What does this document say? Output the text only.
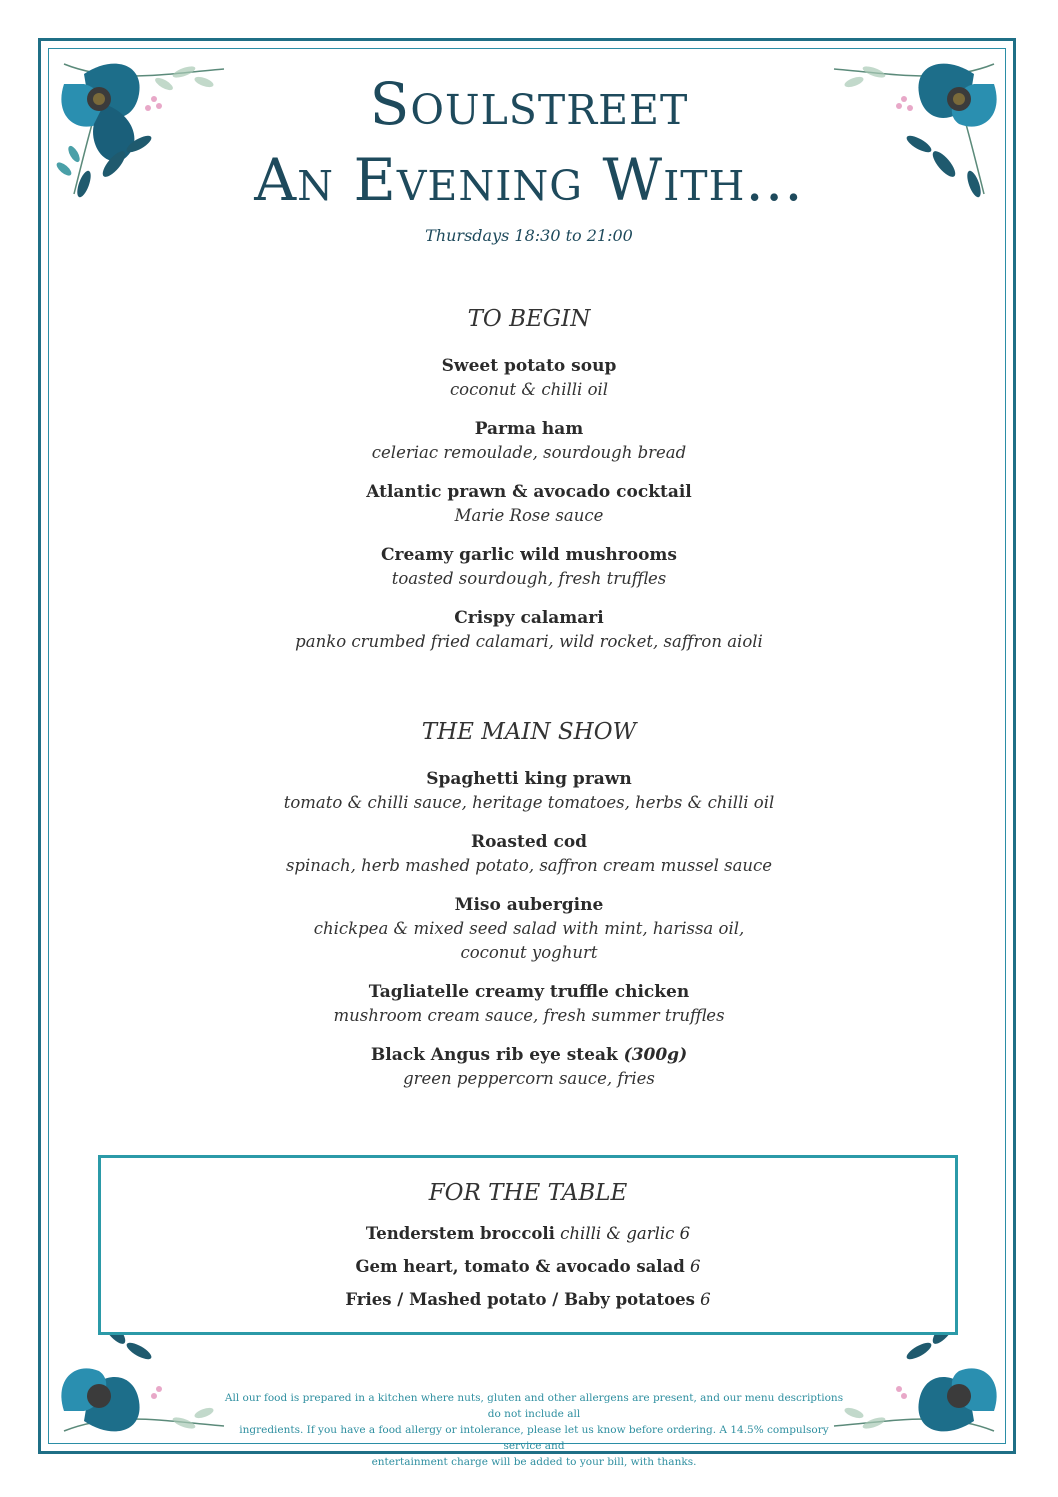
Soulstreet
An Evening With...
Thursdays 18:30 to 21:00
TO BEGIN
Sweet potato soup
coconut & chilli oil
Parma ham
celeriac remoulade, sourdough bread
Atlantic prawn & avocado cocktail
Marie Rose sauce
Creamy garlic wild mushrooms
toasted sourdough, fresh truffles
Crispy calamari
panko crumbed fried calamari, wild rocket, saffron aioli
THE MAIN SHOW
Spaghetti king prawn
tomato & chilli sauce, heritage tomatoes, herbs & chilli oil
Roasted cod
spinach, herb mashed potato, saffron cream mussel sauce
Miso aubergine
chickpea & mixed seed salad with mint, harissa oil,
coconut yoghurt
Tagliatelle creamy truffle chicken
mushroom cream sauce, fresh summer truffles
Black Angus rib eye steak (300g)
green peppercorn sauce, fries
FOR THE TABLE
Tenderstem broccoli chilli & garlic 6
Gem heart, tomato & avocado salad 6
Fries / Mashed potato / Baby potatoes 6
All our food is prepared in a kitchen where nuts, gluten and other allergens are present, and our menu descriptions do not include all
ingredients. If you have a food allergy or intolerance, please let us know before ordering. A 14.5% compulsory service and
entertainment charge will be added to your bill, with thanks.
